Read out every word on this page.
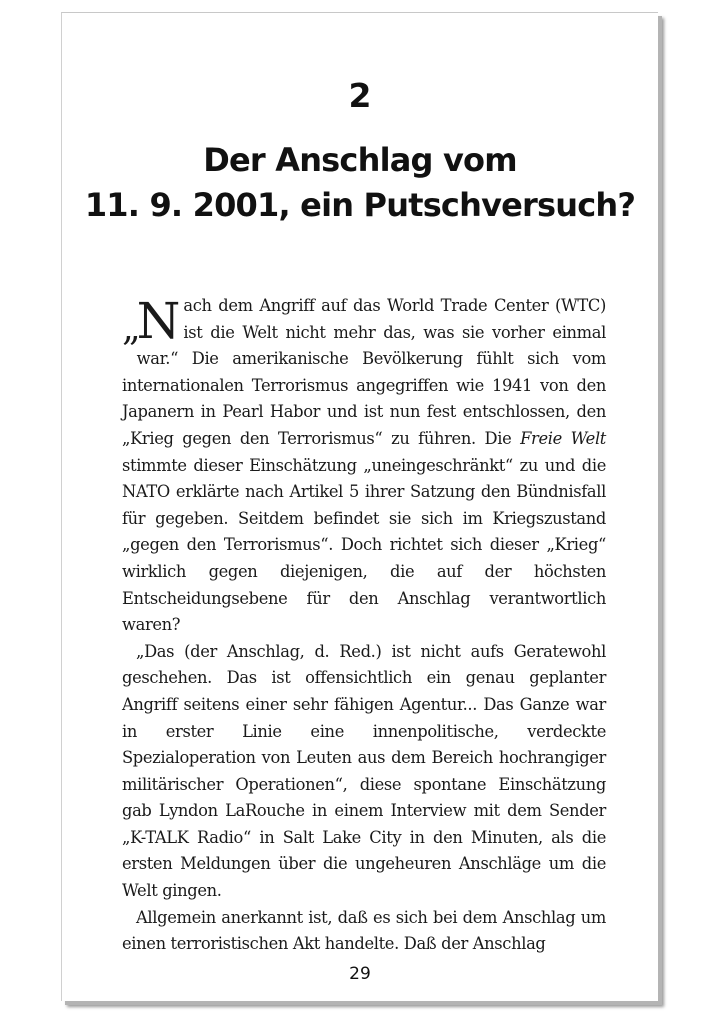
2
Der Anschlag vom
11. 9. 2001, ein Putschversuch?

„ N ach dem Angriff auf das World Trade Center (WTC) ist die Welt nicht mehr das, was sie vorher einmal war.“ Die amerikanische Bevölkerung fühlt sich vom internationalen Terrorismus angegriffen wie 1941 von den Japanern in Pearl Habor und ist nun fest entschlossen, den „Krieg gegen den Terrorismus“ zu führen. Die Freie Welt stimmte dieser Einschätzung „uneingeschränkt“ zu und die NATO erklärte nach Artikel 5 ihrer Satzung den Bündnisfall für gegeben. Seitdem befindet sie sich im Kriegszustand „gegen den Terrorismus“. Doch richtet sich dieser „Krieg“ wirklich gegen diejenigen, die auf der höchsten Entscheidungsebene für den Anschlag verantwortlich waren?

„Das (der Anschlag, d. Red.) ist nicht aufs Geratewohl geschehen. Das ist offensichtlich ein genau geplanter Angriff seitens einer sehr fähigen Agentur... Das Ganze war in erster Linie eine innenpolitische, verdeckte Spezialoperation von Leuten aus dem Bereich hochrangiger militärischer Operationen“, diese spontane Einschätzung gab Lyndon LaRouche in einem Interview mit dem Sender „K-TALK Radio“ in Salt Lake City in den Minuten, als die ersten Meldungen über die ungeheuren Anschläge um die Welt gingen.

Allgemein anerkannt ist, daß es sich bei dem Anschlag um einen terroristischen Akt handelte. Daß der Anschlag

29
